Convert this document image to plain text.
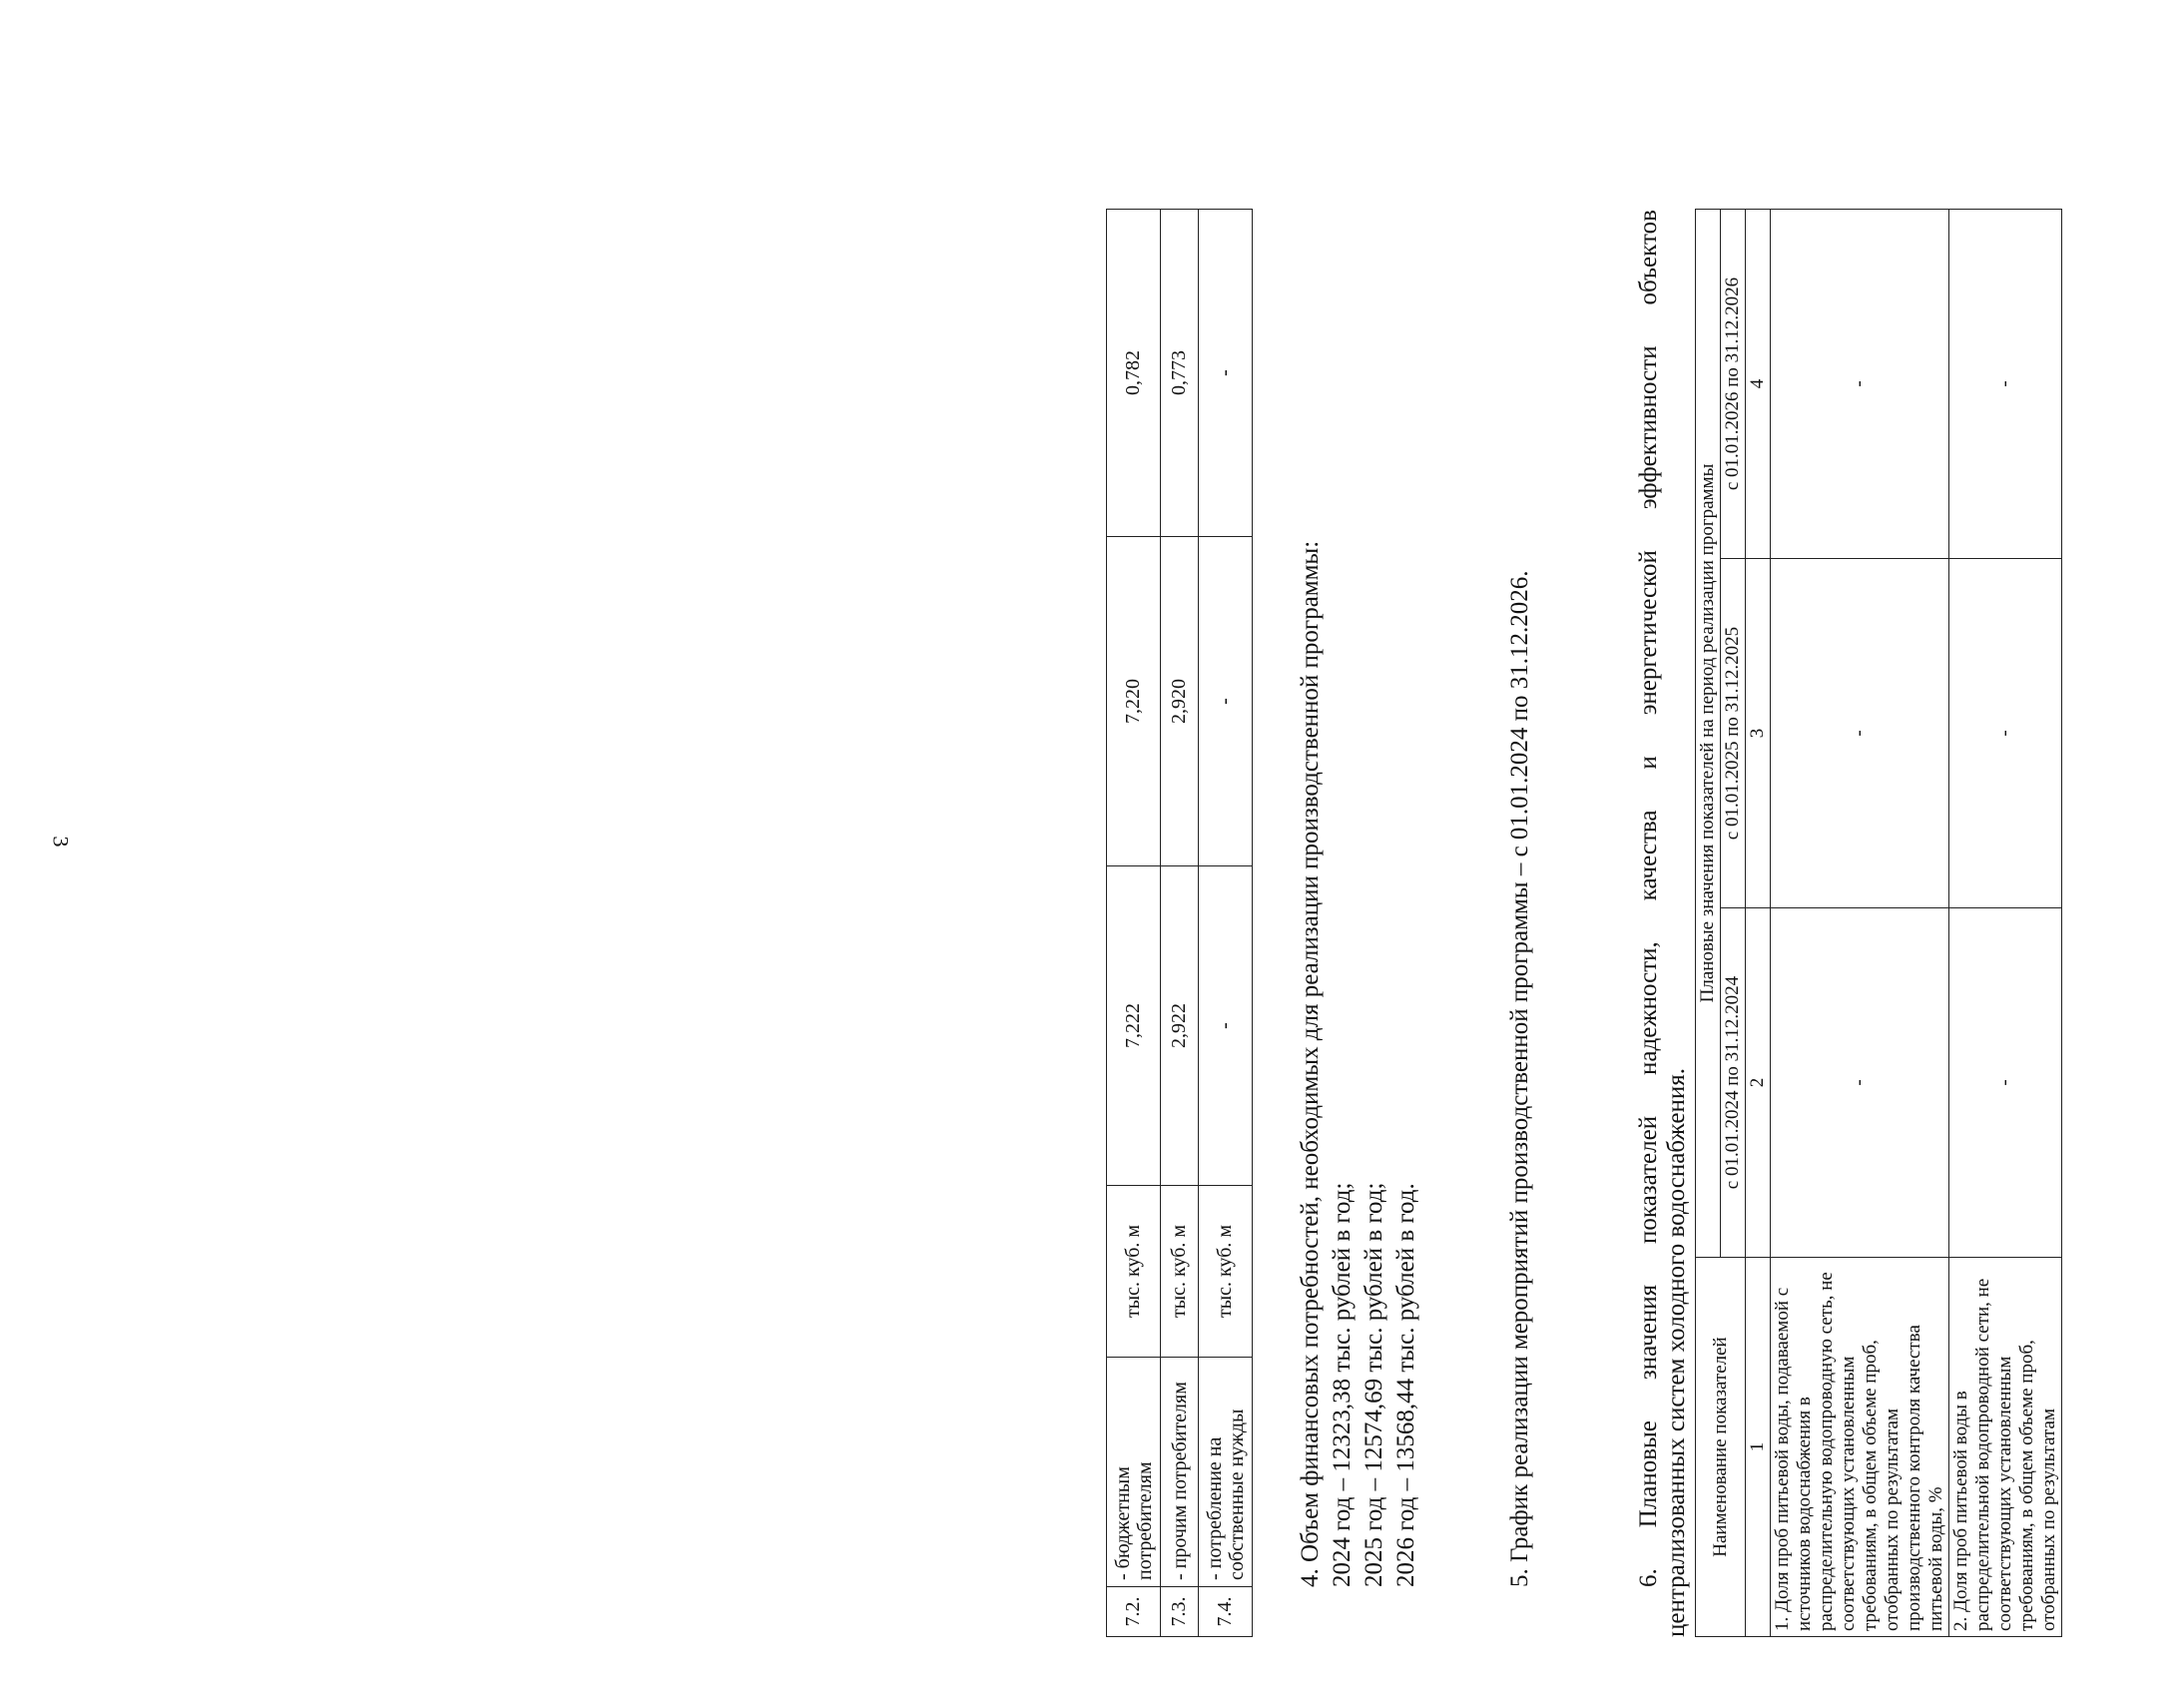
3
7.2.	- бюджетным потребителям	тыс. куб. м	7,222	7,220	0,782
7.3.	- прочим потребителям	тыс. куб. м	2,922	2,920	0,773
7.4.	- потребление на собственные нужды	тыс. куб. м	-	-	-
4. Объем финансовых потребностей, необходимых для реализации производственной программы: 2024 год – 12323,38 тыс. рублей в год; 2025 год – 12574,69 тыс. рублей в год; 2026 год – 13568,44 тыс. рублей в год.	5. График реализации мероприятий производственной программы – с 01.01.2024 по 31.12.2026.	6.
Плановые
значения
показателей
надежности,
качества
и
энергетической
эффективности
объектов
централизованных систем холодного водоснабжения. Наименование показателей	Плановые значения показателей на период реализации программы		
	с 01.01.2024 по 31.12.2024	с 01.01.2025 по 31.12.2025	с 01.01.2026 по 31.12.2026
1	2	3	4
1. Доля проб питьевой воды, подаваемой с источников водоснабжения в распределительную водопроводную сеть, не соответствующих установленным требованиям, в общем объеме проб, отобранных по результатам производственного контроля качества питьевой воды, %	-	-	-
2. Доля проб питьевой воды в распределительной водопроводной сети, не соответствующих установленным требованиям, в общем объеме проб, отобранных по результатам	-	-	-
